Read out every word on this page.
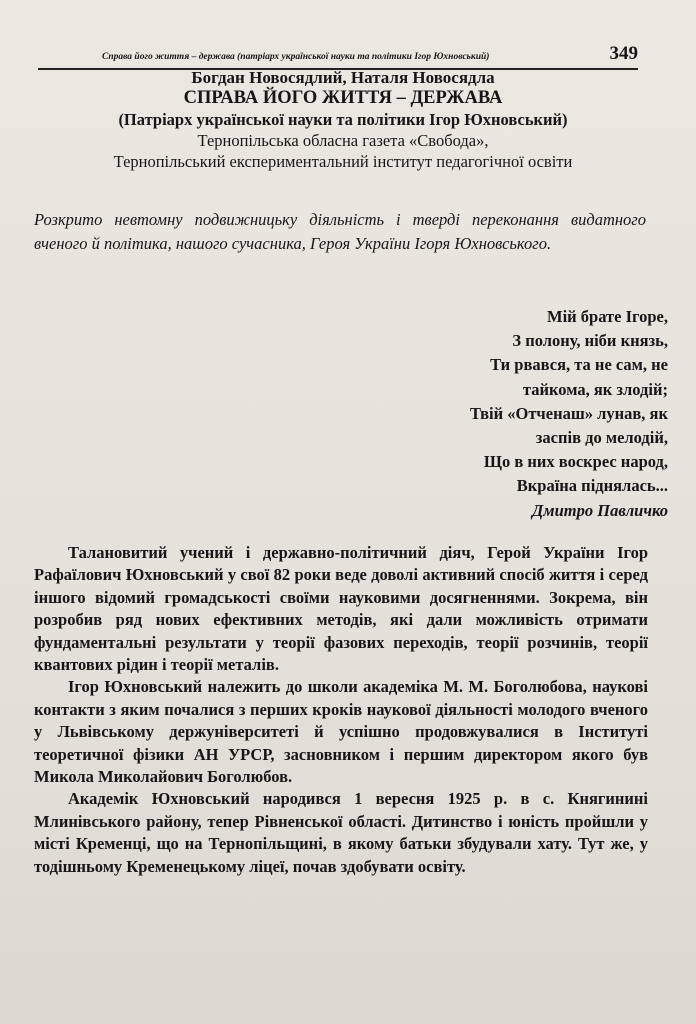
Справа його життя – держава (патріарх української науки та політики Ігор Юхновський)	349
Богдан Новосядлий, Наталя Новосядла
СПРАВА ЙОГО ЖИТТЯ – ДЕРЖАВА
(Патріарх української науки та політики Ігор Юхновський)
Тернопільська обласна газета «Свобода»,
Тернопільський експериментальний інститут педагогічної освіти
Розкрито невтомну подвижницьку діяльність і тверді переконання видатного вченого й політика, нашого сучасника, Героя України Ігоря Юхновського.
Мій брате Ігоре,
З полону, ніби князь,
Ти рвався, та не сам, не
тайкома, як злодій;
Твій «Отченаш» лунав, як
заспів до мелодій,
Що в них воскрес народ,
Вкраїна піднялась...
Дмитро Павличко

Талановитий учений і державно-політичний діяч, Герой України Ігор Рафаїлович Юхновський у свої 82 роки веде доволі активний спосіб життя і серед іншого відомий громадськості своїми науковими досягненнями. Зокрема, він розробив ряд нових ефективних методів, які дали можливість отримати фундаментальні результати у теорії фазових переходів, теорії розчинів, теорії квантових рідин і теорії металів.

Ігор Юхновський належить до школи академіка М. М. Боголюбова, наукові контакти з яким почалися з перших кроків наукової діяльності молодого вченого у Львівському держуніверситеті й успішно продовжувалися в Інституті теоретичної фізики АН УРСР, засновником і першим директором якого був Микола Миколайович Боголюбов.

Академік Юхновський народився 1 вересня 1925 р. в с. Княгинині Млинівського району, тепер Рівненської області. Дитинство і юність пройшли у місті Кременці, що на Тернопільщині, в якому батьки збудували хату. Тут же, у тодішньому Кременецькому ліцеї, почав здобувати освіту.
